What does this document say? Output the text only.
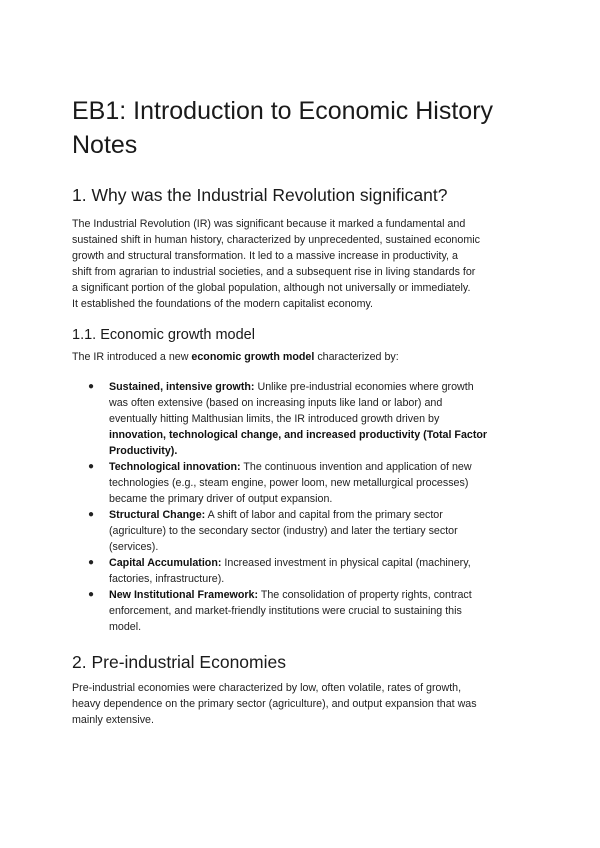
EB1: Introduction to Economic History Notes
1. Why was the Industrial Revolution significant?

The Industrial Revolution (IR) was significant because it marked a fundamental and
sustained shift in human history, characterized by unprecedented, sustained economic
growth and structural transformation. It led to a massive increase in productivity, a
shift from agrarian to industrial societies, and a subsequent rise in living standards for
a significant portion of the global population, although not universally or immediately.
It established the foundations of the modern capitalist economy.

1.1. Economic growth model

The IR introduced a new economic growth model characterized by:

● Sustained, intensive growth: Unlike pre-industrial economies where growth
was often extensive (based on increasing inputs like land or labor) and
eventually hitting Malthusian limits, the IR introduced growth driven by
innovation, technological change, and increased productivity (Total Factor
Productivity).
● Technological innovation: The continuous invention and application of new
technologies (e.g., steam engine, power loom, new metallurgical processes)
became the primary driver of output expansion.
● Structural Change: A shift of labor and capital from the primary sector
(agriculture) to the secondary sector (industry) and later the tertiary sector
(services).
● Capital Accumulation: Increased investment in physical capital (machinery,
factories, infrastructure).
● New Institutional Framework: The consolidation of property rights, contract
enforcement, and market-friendly institutions were crucial to sustaining this
model.
2. Pre-industrial Economies

Pre-industrial economies were characterized by low, often volatile, rates of growth,
heavy dependence on the primary sector (agriculture), and output expansion that was
mainly extensive.
